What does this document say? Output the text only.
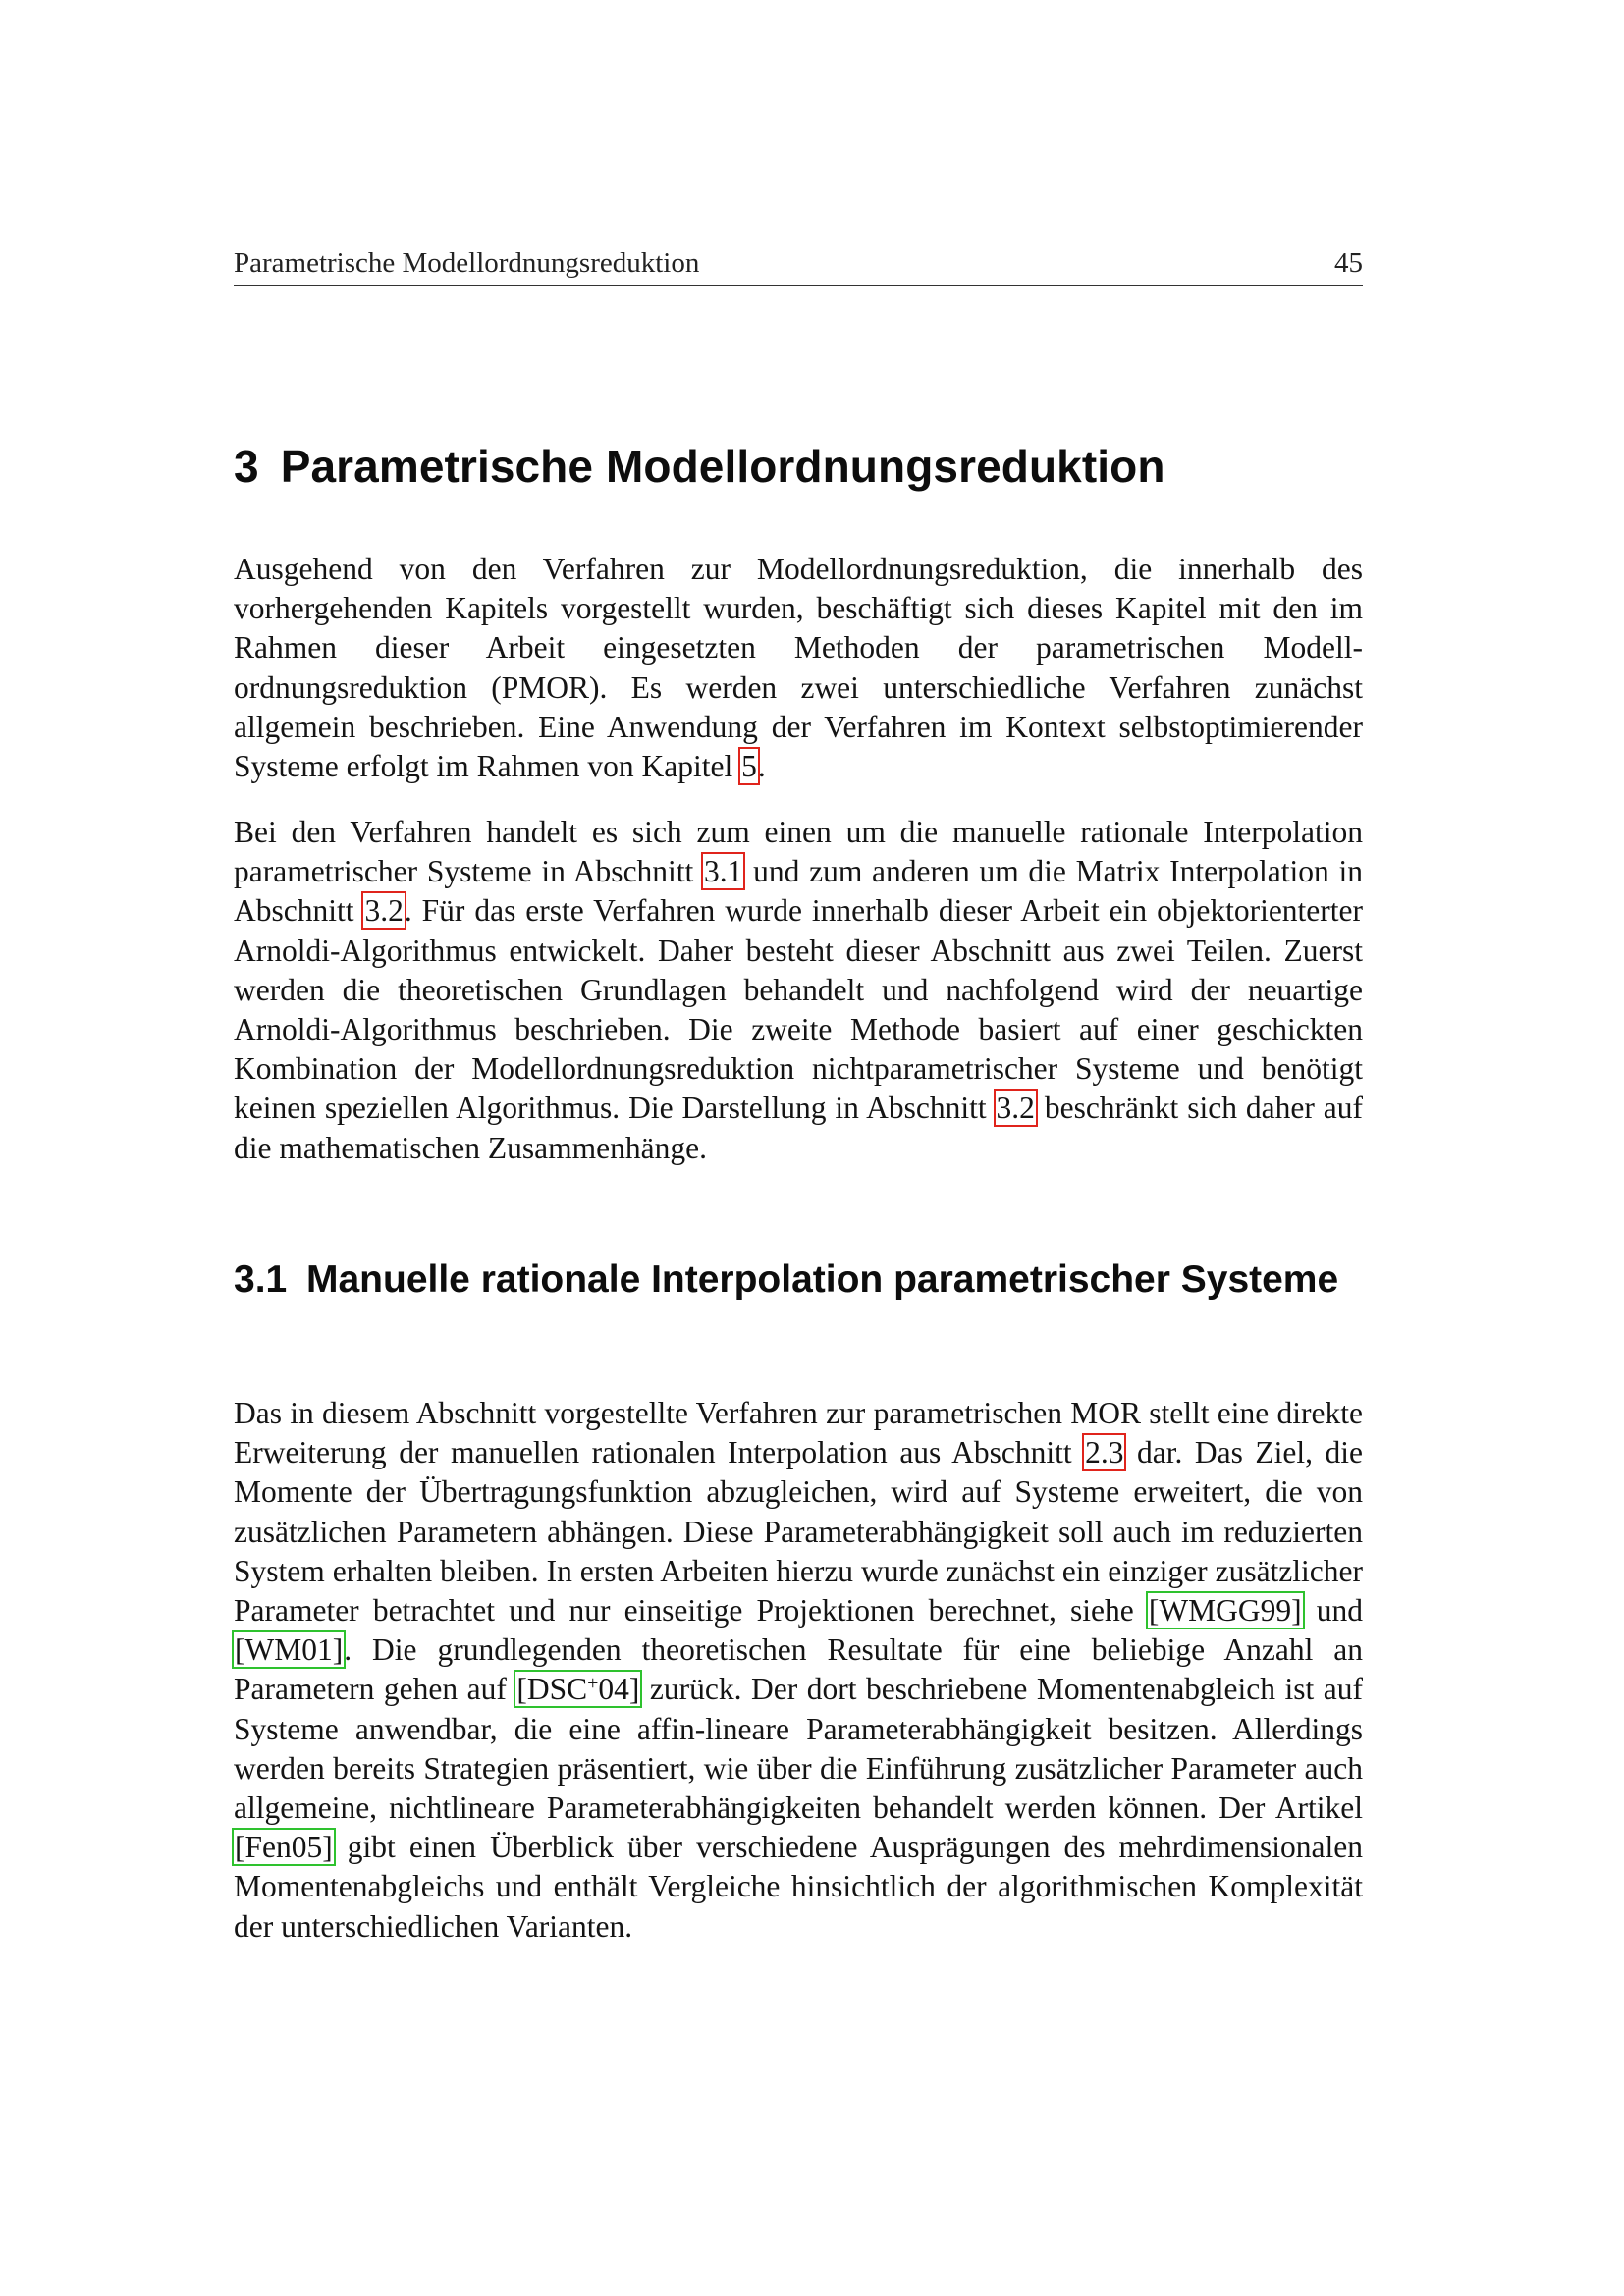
Parametrische Modellordnungsreduktion	45
3 Parametrische Modellordnungsreduktion

Ausgehend von den Verfahren zur Modellordnungsreduktion, die innerhalb des vorhergehenden Kapitels vorgestellt wurden, beschäftigt sich dieses Kapitel mit den im Rahmen dieser Arbeit eingesetzten Methoden der parametrischen Modellordnungsreduktion (PMOR). Es werden zwei unterschiedliche Verfahren zunächst allgemein beschrieben. Eine Anwendung der Verfahren im Kontext selbstoptimierender Systeme erfolgt im Rahmen von Kapitel 5.

Bei den Verfahren handelt es sich zum einen um die manuelle rationale Interpolation parametrischer Systeme in Abschnitt 3.1 und zum anderen um die Matrix Interpolation in Abschnitt 3.2. Für das erste Verfahren wurde innerhalb dieser Arbeit ein objektorienterter Arnoldi-Algorithmus entwickelt. Daher besteht dieser Abschnitt aus zwei Teilen. Zuerst werden die theoretischen Grundlagen behandelt und nachfolgend wird der neuartige Arnoldi-Algorithmus beschrieben. Die zweite Methode basiert auf einer geschickten Kombination der Modellordnungsreduktion nichtparametrischer Systeme und benötigt keinen speziellen Algorithmus. Die Darstellung in Abschnitt 3.2 beschränkt sich daher auf die mathematischen Zusammenhänge.

3.1 Manuelle rationale Interpolation parametrischer Systeme

Das in diesem Abschnitt vorgestellte Verfahren zur parametrischen MOR stellt eine direkte Erweiterung der manuellen rationalen Interpolation aus Abschnitt 2.3 dar. Das Ziel, die Momente der Übertragungsfunktion abzugleichen, wird auf Systeme erweitert, die von zusätzlichen Parametern abhängen. Diese Parameterabhängigkeit soll auch im reduzierten System erhalten bleiben. In ersten Arbeiten hierzu wurde zunächst ein einziger zusätzlicher Parameter betrachtet und nur einseitige Projektionen berechnet, siehe [WMGG99] und [WM01]. Die grundlegenden theoretischen Resultate für eine beliebige Anzahl an Parametern gehen auf [DSC+04] zurück. Der dort beschriebene Momentenabgleich ist auf Systeme anwendbar, die eine affin-lineare Parameterabhängigkeit besitzen. Allerdings werden bereits Strategien präsentiert, wie über die Einführung zusätzlicher Parameter auch allgemeine, nichtlineare Parameterabhängigkeiten behandelt werden können. Der Artikel [Fen05] gibt einen Überblick über verschiedene Ausprägungen des mehrdimensionalen Momentenabgleichs und enthält Vergleiche hinsichtlich der algorithmischen Komplexität der unterschiedlichen Varianten.
